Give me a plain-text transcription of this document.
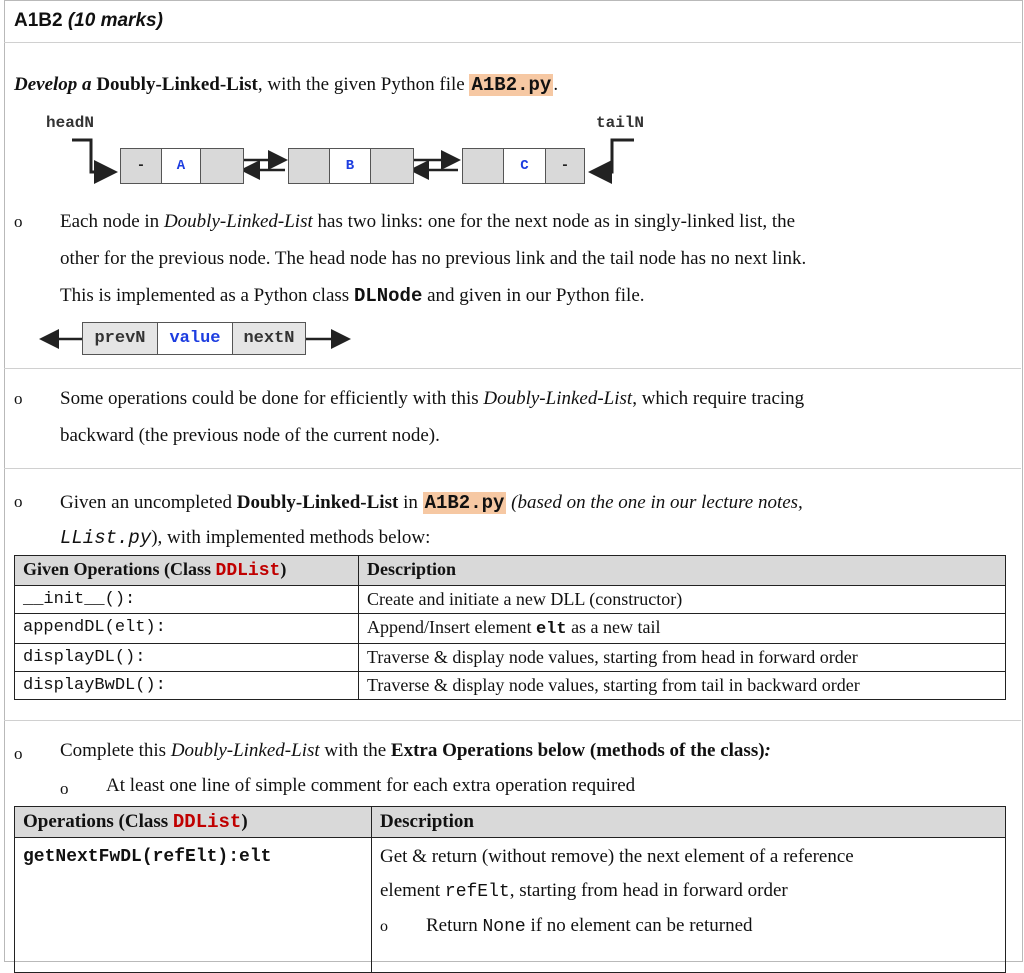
A1B2 (10 marks)
Develop a Doubly-Linked-List, with the given Python file A1B2.py .
headN	tailN
-	A	B	C	-
o Each node in Doubly-Linked-List has two links: one for the next node as in singly-linked list, the
other for the previous node. The head node has no previous link and the tail node has no next link.
This is implemented as a Python class DLNode and given in our Python file.
prevN	value	nextN
o Some operations could be done for efficiently with this Doubly-Linked-List, which require tracing
backward (the previous node of the current node).
o Given an uncompleted Doubly-Linked-List in A1B2.py (based on the one in our lecture notes,
LList.py), with implemented methods below:
Given Operations (Class DDList)	Description
__init__():	Create and initiate a new DLL (constructor)
appendDL(elt):	Append/Insert element elt as a new tail
displayDL():	Traverse & display node values, starting from head in forward order
displayBwDL():	Traverse & display node values, starting from tail in backward order
o Complete this Doubly-Linked-List with the Extra Operations below (methods of the class):
o At least one line of simple comment for each extra operation required
Operations (Class DDList)	Description
getNextFwDL(refElt):elt	Get & return (without remove) the next element of a reference
element refElt, starting from head in forward order
o Return None if no element can be returned
